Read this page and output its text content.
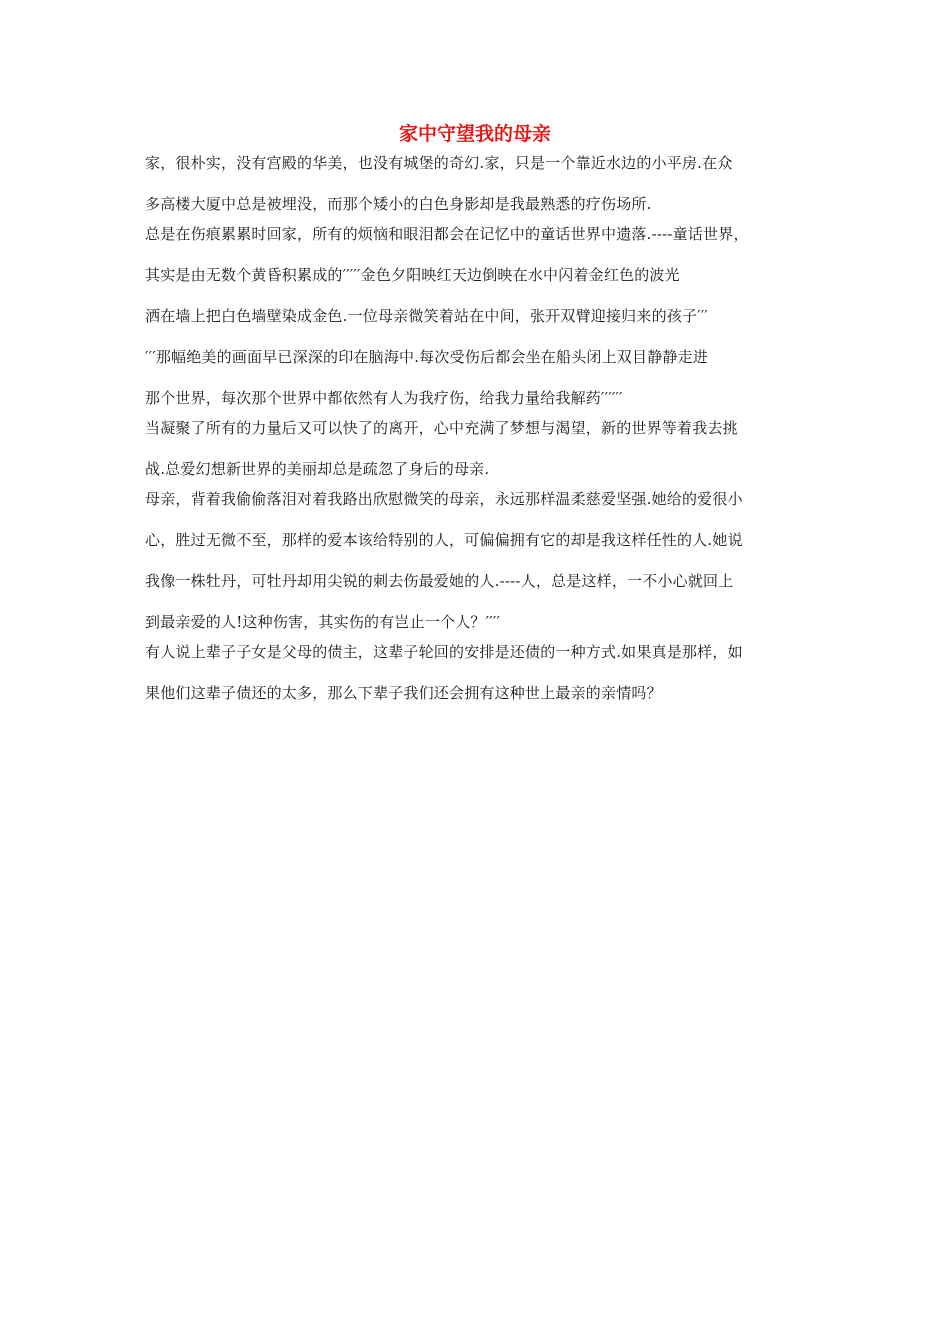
家中守望我的母亲
家，很朴实，没有宫殿的华美，也没有城堡的奇幻.家，只是一个靠近水边的小平房.在众
多高楼大厦中总是被埋没，而那个矮小的白色身影却是我最熟悉的疗伤场所.
总是在伤痕累累时回家，所有的烦恼和眼泪都会在记忆中的童话世界中遗落.----童话世界，
其实是由无数个黄昏积累成的′′′′′金色夕阳映红天边倒映在水中闪着金红色的波光
洒在墙上把白色墙壁染成金色.一位母亲微笑着站在中间，张开双臂迎接归来的孩子′′′
′′′那幅绝美的画面早已深深的印在脑海中.每次受伤后都会坐在船头闭上双目静静走进
那个世界，每次那个世界中都依然有人为我疗伤，给我力量给我解药′′′′′′
当凝聚了所有的力量后又可以快了的离开，心中充满了梦想与渴望，新的世界等着我去挑
战.总爱幻想新世界的美丽却总是疏忽了身后的母亲.
母亲，背着我偷偷落泪对着我路出欣慰微笑的母亲，永远那样温柔慈爱坚强.她给的爱很小
心，胜过无微不至，那样的爱本该给特别的人，可偏偏拥有它的却是我这样任性的人.她说
我像一株牡丹，可牡丹却用尖锐的刺去伤最爱她的人.----人，总是这样，一不小心就回上
到最亲爱的人!这种伤害，其实伤的有岂止一个人？′′′′
有人说上辈子子女是父母的债主，这辈子轮回的安排是还债的一种方式.如果真是那样，如
果他们这辈子债还的太多，那么下辈子我们还会拥有这种世上最亲的亲情吗？
